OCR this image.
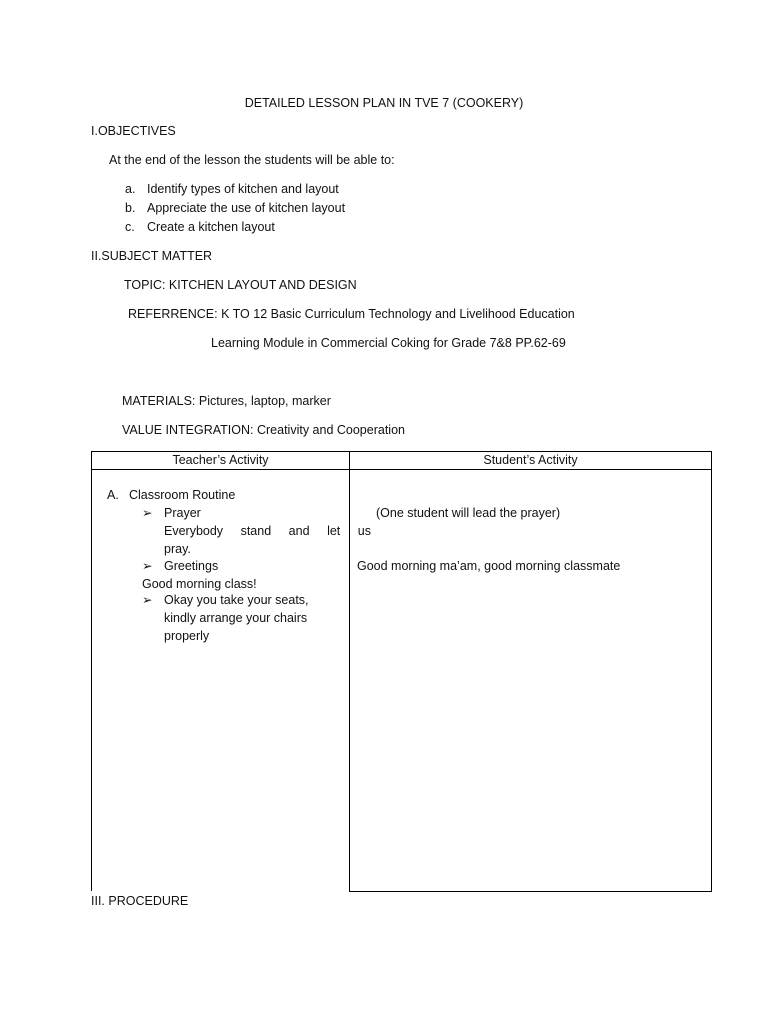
DETAILED LESSON PLAN IN TVE 7 (COOKERY)
I.OBJECTIVES
At the end of the lesson the students will be able to:
a. Identify types of kitchen and layout
b. Appreciate the use of kitchen layout
c. Create a kitchen layout
II.SUBJECT MATTER
TOPIC: KITCHEN LAYOUT AND DESIGN
REFERRENCE: K TO 12 Basic Curriculum Technology and Livelihood Education
Learning Module in Commercial Coking for Grade 7&8 PP.62-69
MATERIALS: Pictures, laptop, marker
VALUE INTEGRATION: Creativity and Cooperation
Teacher’s Activity	Student’s Activity
A. Classroom Routine
➢ Prayer
Everybody stand and let us
pray.
➢ Greetings
Good morning class!
➢ Okay you take your seats,
kindly arrange your chairs
properly
(One student will lead the prayer)
Good morning ma’am, good morning classmate
III. PROCEDURE
